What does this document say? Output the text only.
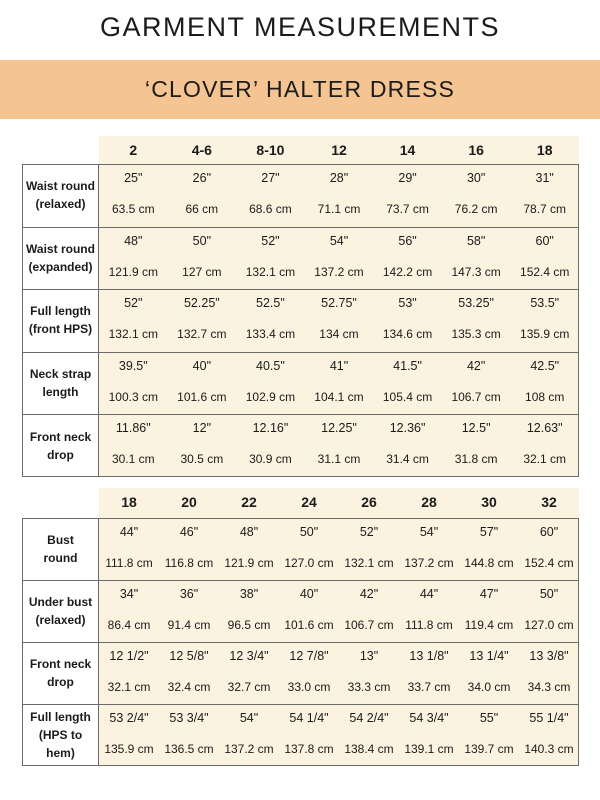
GARMENT MEASUREMENTS
‘CLOVER’ HALTER DRESS
2	4-6	8-10	12	14	16	18
Waist round
(relaxed)
25"	26"	27"	28"	29"	30"	31"
63.5 cm	66 cm	68.6 cm	71.1 cm	73.7 cm	76.2 cm	78.7 cm
Waist round
(expanded)
48"	50"	52"	54"	56"	58"	60"
121.9 cm	127 cm	132.1 cm	137.2 cm	142.2 cm	147.3 cm	152.4 cm
Full length
(front HPS)
52"	52.25"	52.5"	52.75"	53"	53.25"	53.5"
132.1 cm	132.7 cm	133.4 cm	134 cm	134.6 cm	135.3 cm	135.9 cm
Neck strap
length
39.5"	40"	40.5"	41"	41.5"	42"	42.5"
100.3 cm	101.6 cm	102.9 cm	104.1 cm	105.4 cm	106.7 cm	108 cm
Front neck
drop
11.86"	12"	12.16"	12.25"	12.36"	12.5"	12.63"
30.1 cm	30.5 cm	30.9 cm	31.1 cm	31.4 cm	31.8 cm	32.1 cm
18	20	22	24	26	28	30	32
Bust
round
44"	46"	48"	50"	52"	54"	57"	60"
111.8 cm 116.8 cm 121.9 cm 127.0 cm 132.1 cm 137.2 cm 144.8 cm 152.4 cm
Under bust
(relaxed)
34"	36"	38"	40"	42"	44"	47"	50"
86.4 cm	91.4 cm	96.5 cm	101.6 cm 106.7 cm 111.8 cm 119.4 cm 127.0 cm
Front neck
drop
12 1/2"	12 5/8"	12 3/4"	12 7/8"	13"	13 1/8"	13 1/4"	13 3/8"
32.1 cm	32.4 cm	32.7 cm	33.0 cm	33.3 cm	33.7 cm	34.0 cm	34.3 cm
Full length
(HPS to hem)
53 2/4"	53 3/4"	54"	54 1/4"	54 2/4"	54 3/4"	55"	55 1/4"
135.9 cm 136.5 cm 137.2 cm 137.8 cm 138.4 cm 139.1 cm 139.7 cm 140.3 cm
